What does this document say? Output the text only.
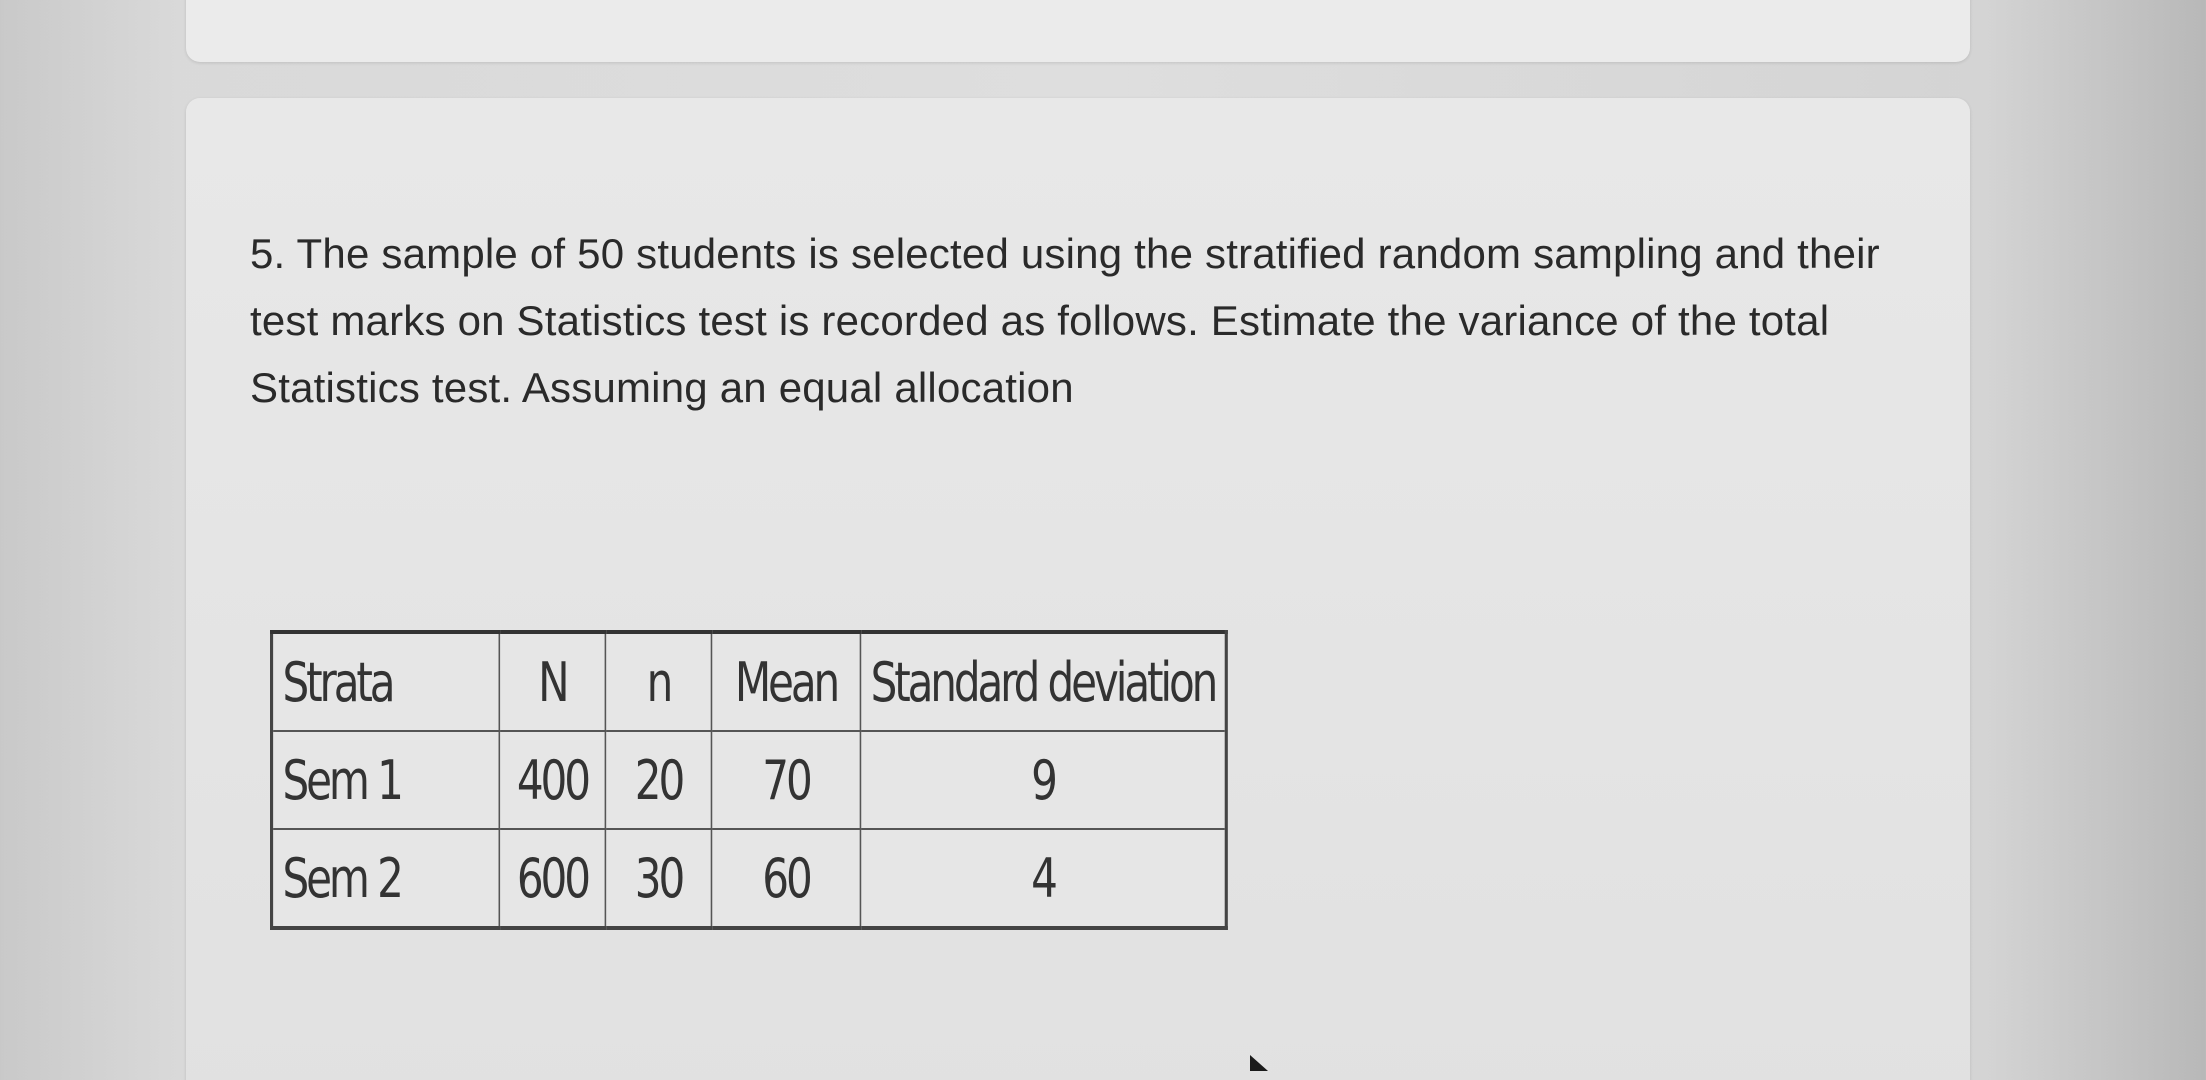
5. The sample of 50 students is selected using the stratified random sampling and their test marks on Statistics test is recorded as follows. Estimate the variance of the total Statistics test. Assuming an equal allocation

Strata	N	n	Mean	Standard deviation
Sem 1	400	20	70	9
Sem 2	600	30	60	4
